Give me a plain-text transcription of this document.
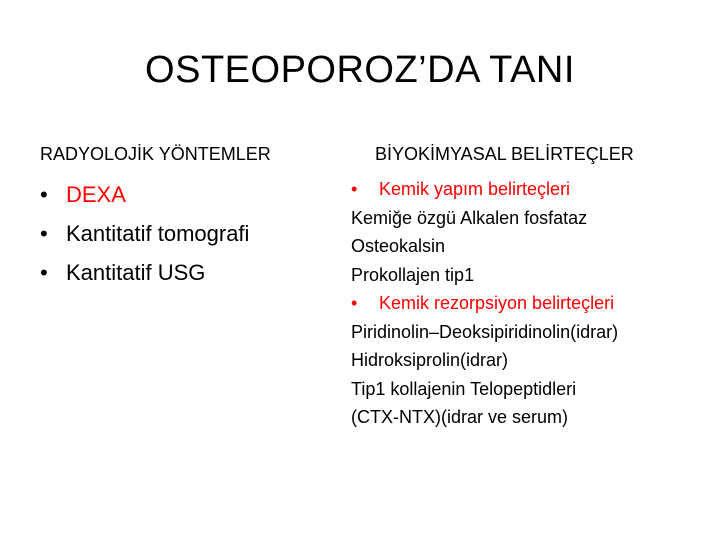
OSTEOPOROZ’DA TANI
RADYOLOJİK YÖNTEMLER	BİYOKİMYASAL BELİRTEÇLER
• DEXA
• Kantitatif tomografi
• Kantitatif USG
•	Kemik yapım belirteçleri
Kemiğe özgü Alkalen fosfataz
Osteokalsin
Prokollajen tip1
•	Kemik rezorpsiyon belirteçleri
Piridinolin–Deoksipiridinolin(idrar)
Hidroksiprolin(idrar)
Tip1 kollajenin Telopeptidleri
(CTX-NTX)(idrar ve serum)
